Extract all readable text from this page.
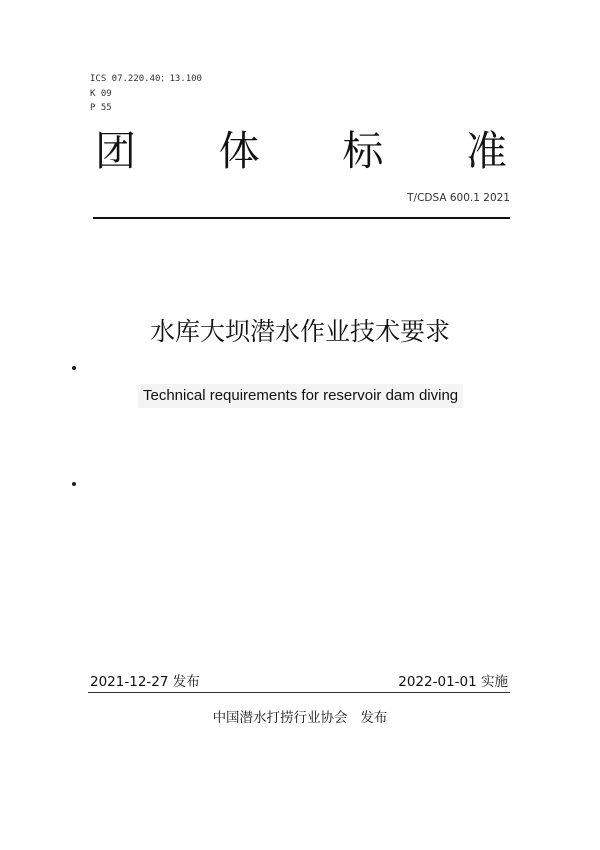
ICS 07.220.40；13.100
K 09
P 55
团 体 标 准
T/CDSA 600.1 2021
水库大坝潜水作业技术要求
Technical requirements for reservoir dam diving
2021-12-27 发布	2022-01-01 实施
中国潜水打捞行业协会   发布
